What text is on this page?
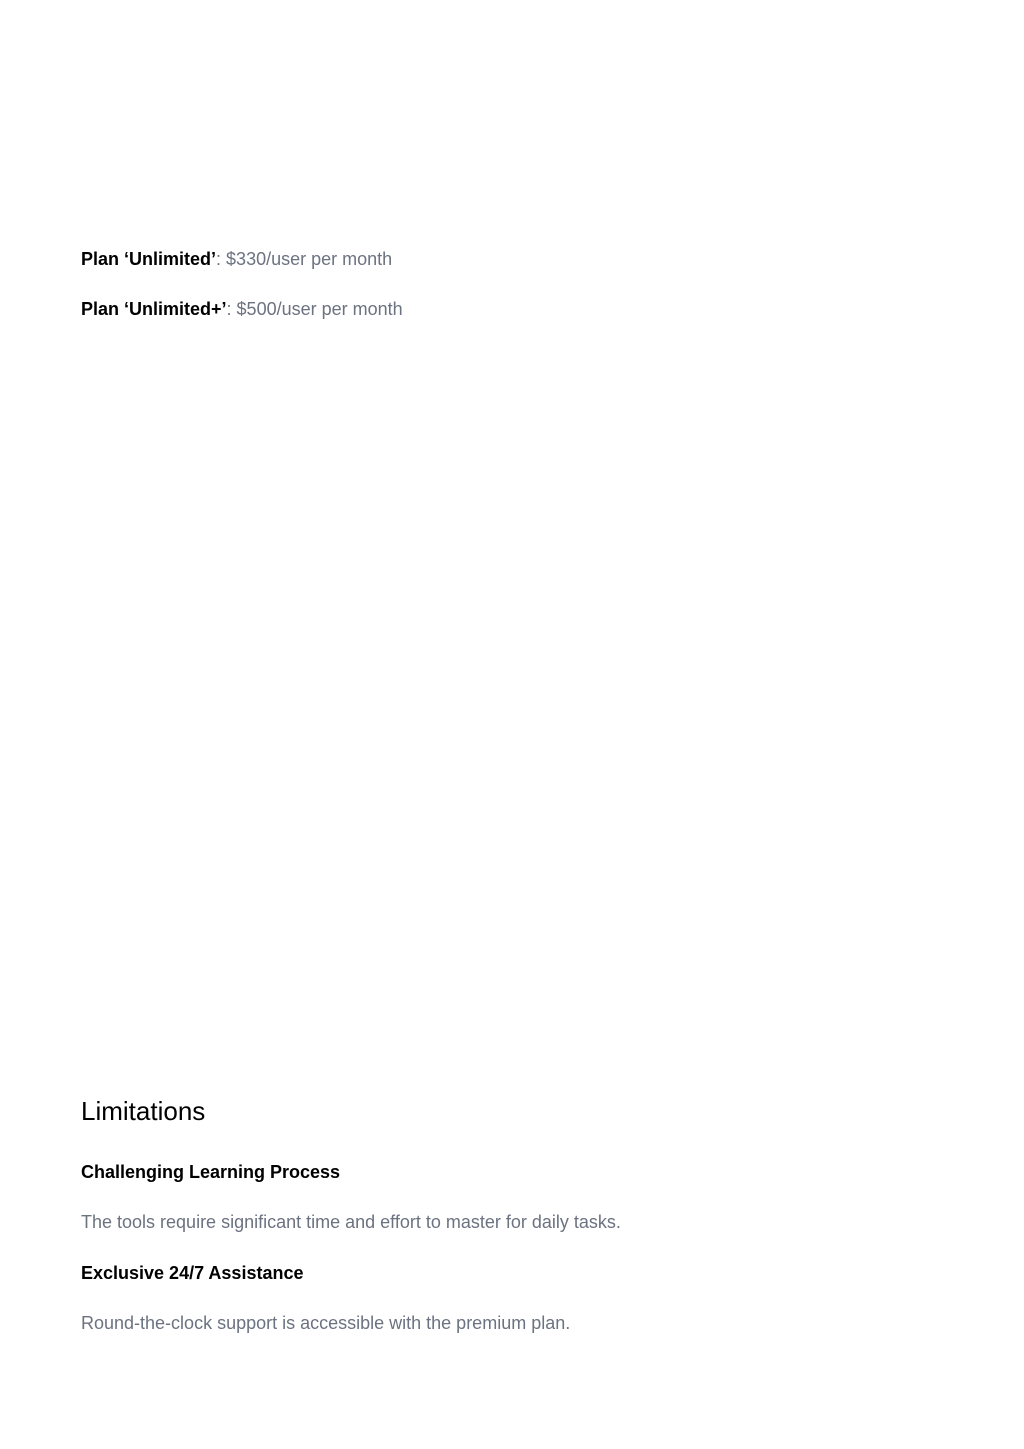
Plan ‘Unlimited’: $330/user per month
Plan ‘Unlimited+’: $500/user per month
Limitations
Challenging Learning Process

The tools require significant time and effort to master for daily tasks.

Exclusive 24/7 Assistance

Round-the-clock support is accessible with the premium plan.
